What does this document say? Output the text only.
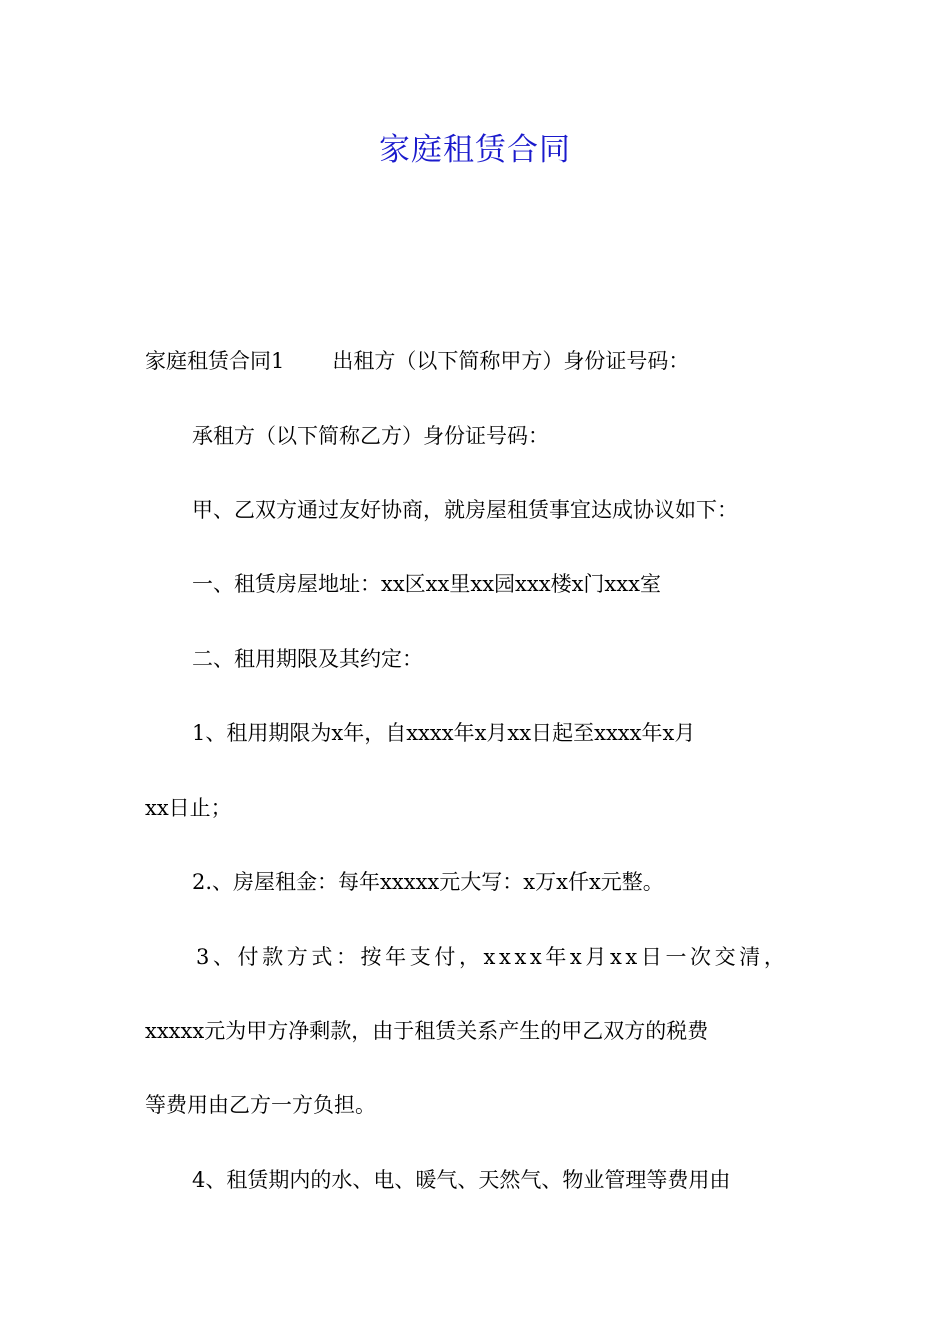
家庭租赁合同
家庭租赁合同1 出租方（以下简称甲方）身份证号码：
承租方（以下简称乙方）身份证号码：
甲、乙双方通过友好协商，就房屋租赁事宜达成协议如下：
一、租赁房屋地址：xx区xx里xx园xxx楼x门xxx室
二、租用期限及其约定：
1、租用期限为x年，自xxxx年x月xx日起至xxxx年x月
xx日止；
2.、房屋租金：每年xxxxx元大写：x万x仟x元整。
3、付款方式：按年支付，xxxx年x月xx日一次交清，
xxxxx元为甲方净剩款，由于租赁关系产生的甲乙双方的税费
等费用由乙方一方负担。
4、租赁期内的水、电、暖气、天然气、物业管理等费用由
